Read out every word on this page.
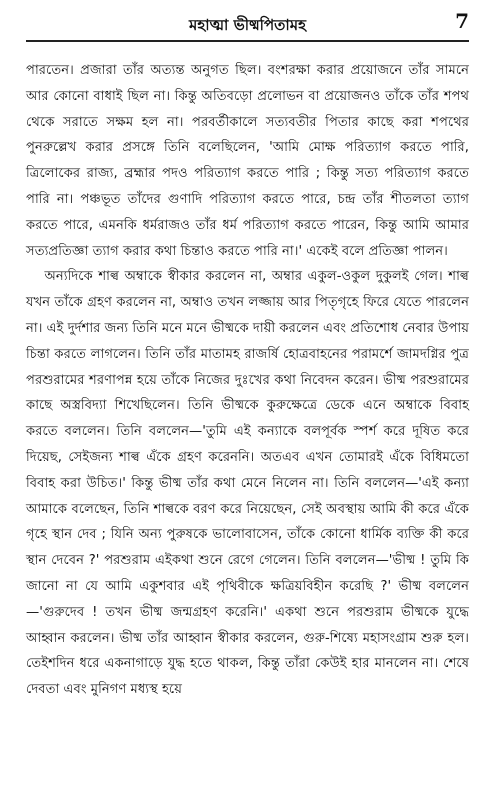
মহাত্মা ভীষ্মপিতামহ	7

পারতেন। প্রজারা তাঁর অত্যন্ত অনুগত ছিল। বংশরক্ষা করার প্রয়োজনে তাঁর সামনে আর কোনো বাধাই ছিল না। কিন্তু অতিবড়ো প্রলোভন বা প্রয়োজনও তাঁকে তাঁর শপথ থেকে সরাতে সক্ষম হল না। পরবর্তীকালে সত্যবতীর পিতার কাছে করা শপথের পুনরুল্লেখ করার প্রসঙ্গে তিনি বলেছিলেন, 'আমি মোক্ষ পরিত্যাগ করতে পারি, ত্রিলোকের রাজ্য, ব্রহ্মার পদও পরিত্যাগ করতে পারি ; কিন্তু সত্য পরিত্যাগ করতে পারি না। পঞ্চভূত তাঁদের গুণাদি পরিত্যাগ করতে পারে, চন্দ্র তাঁর শীতলতা ত্যাগ করতে পারে, এমনকি ধর্মরাজও তাঁর ধর্ম পরিত্যাগ করতে পারেন, কিন্তু আমি আমার সত্যপ্রতিজ্ঞা ত্যাগ করার কথা চিন্তাও করতে পারি না।' একেই বলে প্রতিজ্ঞা পালন।

অন্যদিকে শাল্ব অম্বাকে স্বীকার করলেন না, অম্বার একুল-ওকুল দুকুলই গেল। শাল্ব যখন তাঁকে গ্রহণ করলেন না, অম্বাও তখন লজ্জায় আর পিতৃগৃহে ফিরে যেতে পারলেন না। এই দুর্দশার জন্য তিনি মনে মনে ভীষ্মকে দায়ী করলেন এবং প্রতিশোধ নেবার উপায় চিন্তা করতে লাগলেন। তিনি তাঁর মাতামহ রাজর্ষি হোত্রবাহনের পরামর্শে জামদগ্নির পুত্র পরশুরামের শরণাপন্ন হয়ে তাঁকে নিজের দুঃখের কথা নিবেদন করেন। ভীষ্ম পরশুরামের কাছে অস্ত্রবিদ্যা শিখেছিলেন। তিনি ভীষ্মকে কুরুক্ষেত্রে ডেকে এনে অম্বাকে বিবাহ করতে বললেন। তিনি বললেন—'তুমি এই কন্যাকে বলপূর্বক স্পর্শ করে দূষিত করে দিয়েছ, সেইজন্য শাল্ব এঁকে গ্রহণ করেননি। অতএব এখন তোমারই এঁকে বিধিমতো বিবাহ করা উচিত।' কিন্তু ভীষ্ম তাঁর কথা মেনে নিলেন না। তিনি বললেন—'এই কন্যা আমাকে বলেছেন, তিনি শাল্বকে বরণ করে নিয়েছেন, সেই অবস্থায় আমি কী করে এঁকে গৃহে স্থান দেব ; যিনি অন্য পুরুষকে ভালোবাসেন, তাঁকে কোনো ধার্মিক ব্যক্তি কী করে স্থান দেবেন ?' পরশুরাম এইকথা শুনে রেগে গেলেন। তিনি বললেন—'ভীষ্ম ! তুমি কি জানো না যে আমি একুশবার এই পৃথিবীকে ক্ষত্রিয়বিহীন করেছি ?' ভীষ্ম বললেন—'গুরুদেব ! তখন ভীষ্ম জন্মগ্রহণ করেনি।' একথা শুনে পরশুরাম ভীষ্মকে যুদ্ধে আহ্বান করলেন। ভীষ্ম তাঁর আহ্বান স্বীকার করলেন, গুরু-শিষ্যে মহাসংগ্রাম শুরু হল। তেইশদিন ধরে একনাগাড়ে যুদ্ধ হতে থাকল, কিন্তু তাঁরা কেউই হার মানলেন না। শেষে দেবতা এবং মুনিগণ মধ্যস্থ হয়ে
